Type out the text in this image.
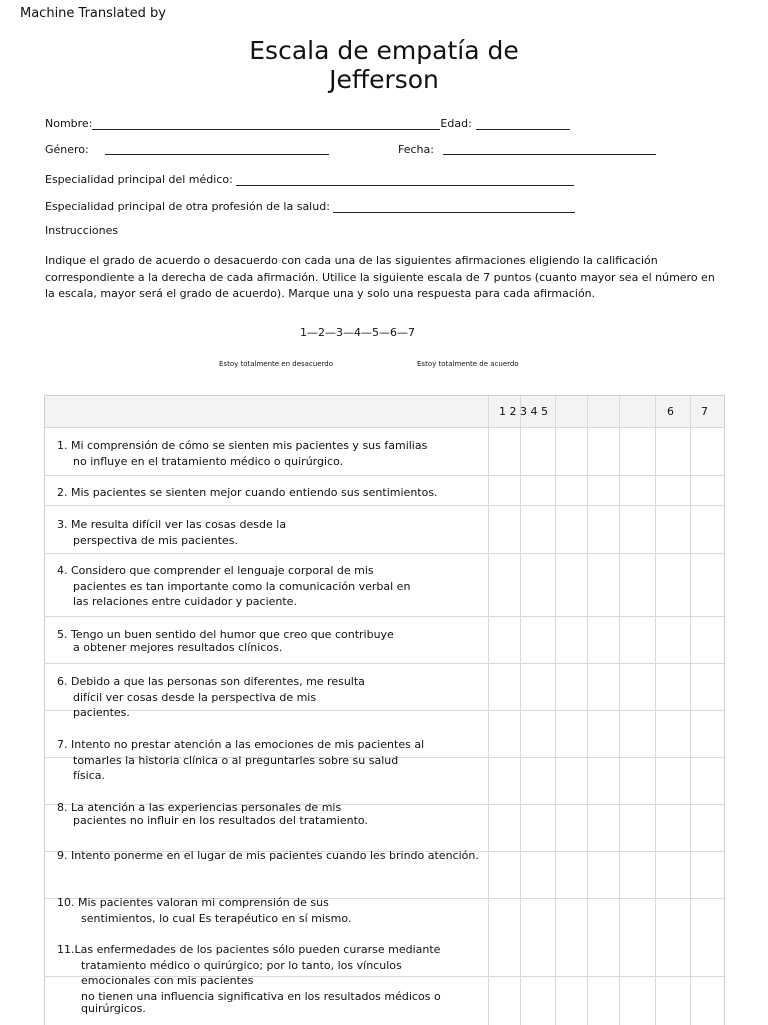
Machine Translated by
Escala de empatía de
Jefferson
Nombre:	Edad:
Género:	Fecha:
Especialidad principal del médico:
Especialidad principal de otra profesión de la salud:
Instrucciones
Indique el grado de acuerdo o desacuerdo con cada una de las siguientes afirmaciones eligiendo la calificación
correspondiente a la derecha de cada afirmación. Utilice la siguiente escala de 7 puntos (cuanto mayor sea el número en
la escala, mayor será el grado de acuerdo). Marque una y solo una respuesta para cada afirmación.
1—2—3—4—5—6—7
Estoy totalmente en desacuerdo	Estoy totalmente de acuerdo
1 2 3 4 5	6 7
1. Mi comprensión de cómo se sienten mis pacientes y sus familias
no influye en el tratamiento médico o quirúrgico.
2. Mis pacientes se sienten mejor cuando entiendo sus sentimientos.
3. Me resulta difícil ver las cosas desde la
perspectiva de mis pacientes.
4. Considero que comprender el lenguaje corporal de mis
pacientes es tan importante como la comunicación verbal en
las relaciones entre cuidador y paciente.
5. Tengo un buen sentido del humor que creo que contribuye
a obtener mejores resultados clínicos.
6. Debido a que las personas son diferentes, me resulta
difícil ver cosas desde la perspectiva de mis
pacientes.
7. Intento no prestar atención a las emociones de mis pacientes al
tomarles la historia clínica o al preguntarles sobre su salud
física.
8. La atención a las experiencias personales de mis
pacientes no influir en los resultados del tratamiento.
9. Intento ponerme en el lugar de mis pacientes cuando les brindo atención.
10. Mis pacientes valoran mi comprensión de sus
sentimientos, lo cual Es terapéutico en sí mismo.
11.Las enfermedades de los pacientes sólo pueden curarse mediante
tratamiento médico o quirúrgico; por lo tanto, los vínculos
emocionales con mis pacientes
no tienen una influencia significativa en los resultados médicos o
quirúrgicos.
